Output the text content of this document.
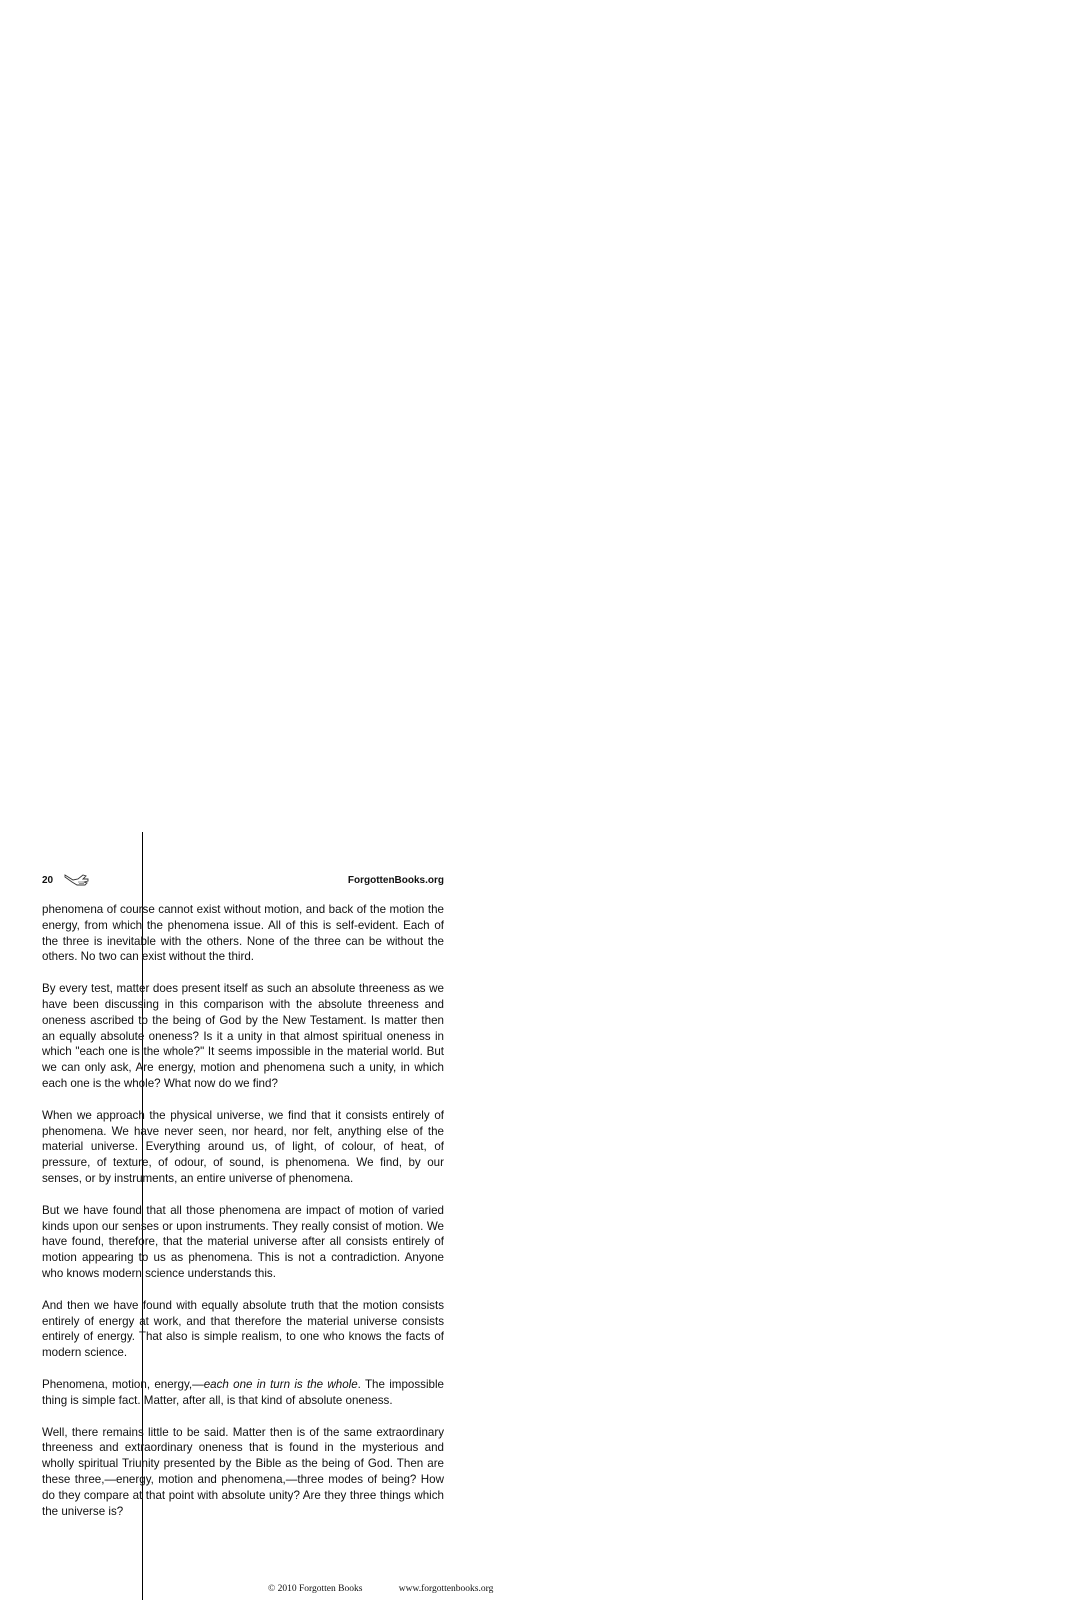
20	ForgottenBooks.org

phenomena of course cannot exist without motion, and back of the motion the energy, from which the phenomena issue. All of this is self-evident. Each of the three is inevitable with the others. None of the three can be without the others. No two can exist without the third.

By every test, matter does present itself as such an absolute threeness as we have been discussing in this comparison with the absolute threeness and oneness ascribed to the being of God by the New Testament. Is matter then an equally absolute oneness? Is it a unity in that almost spiritual oneness in which "each one is the whole?" It seems impossible in the material world. But we can only ask, Are energy, motion and phenomena such a unity, in which each one is the whole? What now do we find?

When we approach the physical universe, we find that it consists entirely of phenomena. We have never seen, nor heard, nor felt, anything else of the material universe. Everything around us, of light, of colour, of heat, of pressure, of texture, of odour, of sound, is phenomena. We find, by our senses, or by instruments, an entire universe of phenomena.

But we have found that all those phenomena are impact of motion of varied kinds upon our senses or upon instruments. They really consist of motion. We have found, therefore, that the material universe after all consists entirely of motion appearing to us as phenomena. This is not a contradiction. Anyone who knows modern science understands this.

And then we have found with equally absolute truth that the motion consists entirely of energy at work, and that therefore the material universe consists entirely of energy. That also is simple realism, to one who knows the facts of modern science.

Phenomena, motion, energy,—each one in turn is the whole. The impossible thing is simple fact. Matter, after all, is that kind of absolute oneness.

Well, there remains little to be said. Matter then is of the same extraordinary threeness and extraordinary oneness that is found in the mysterious and wholly spiritual Triunity presented by the Bible as the being of God. Then are these three,—energy, motion and phenomena,—three modes of being? How do they compare at that point with absolute unity? Are they three things which the universe is?

© 2010 Forgotten Books	www.forgottenbooks.org
